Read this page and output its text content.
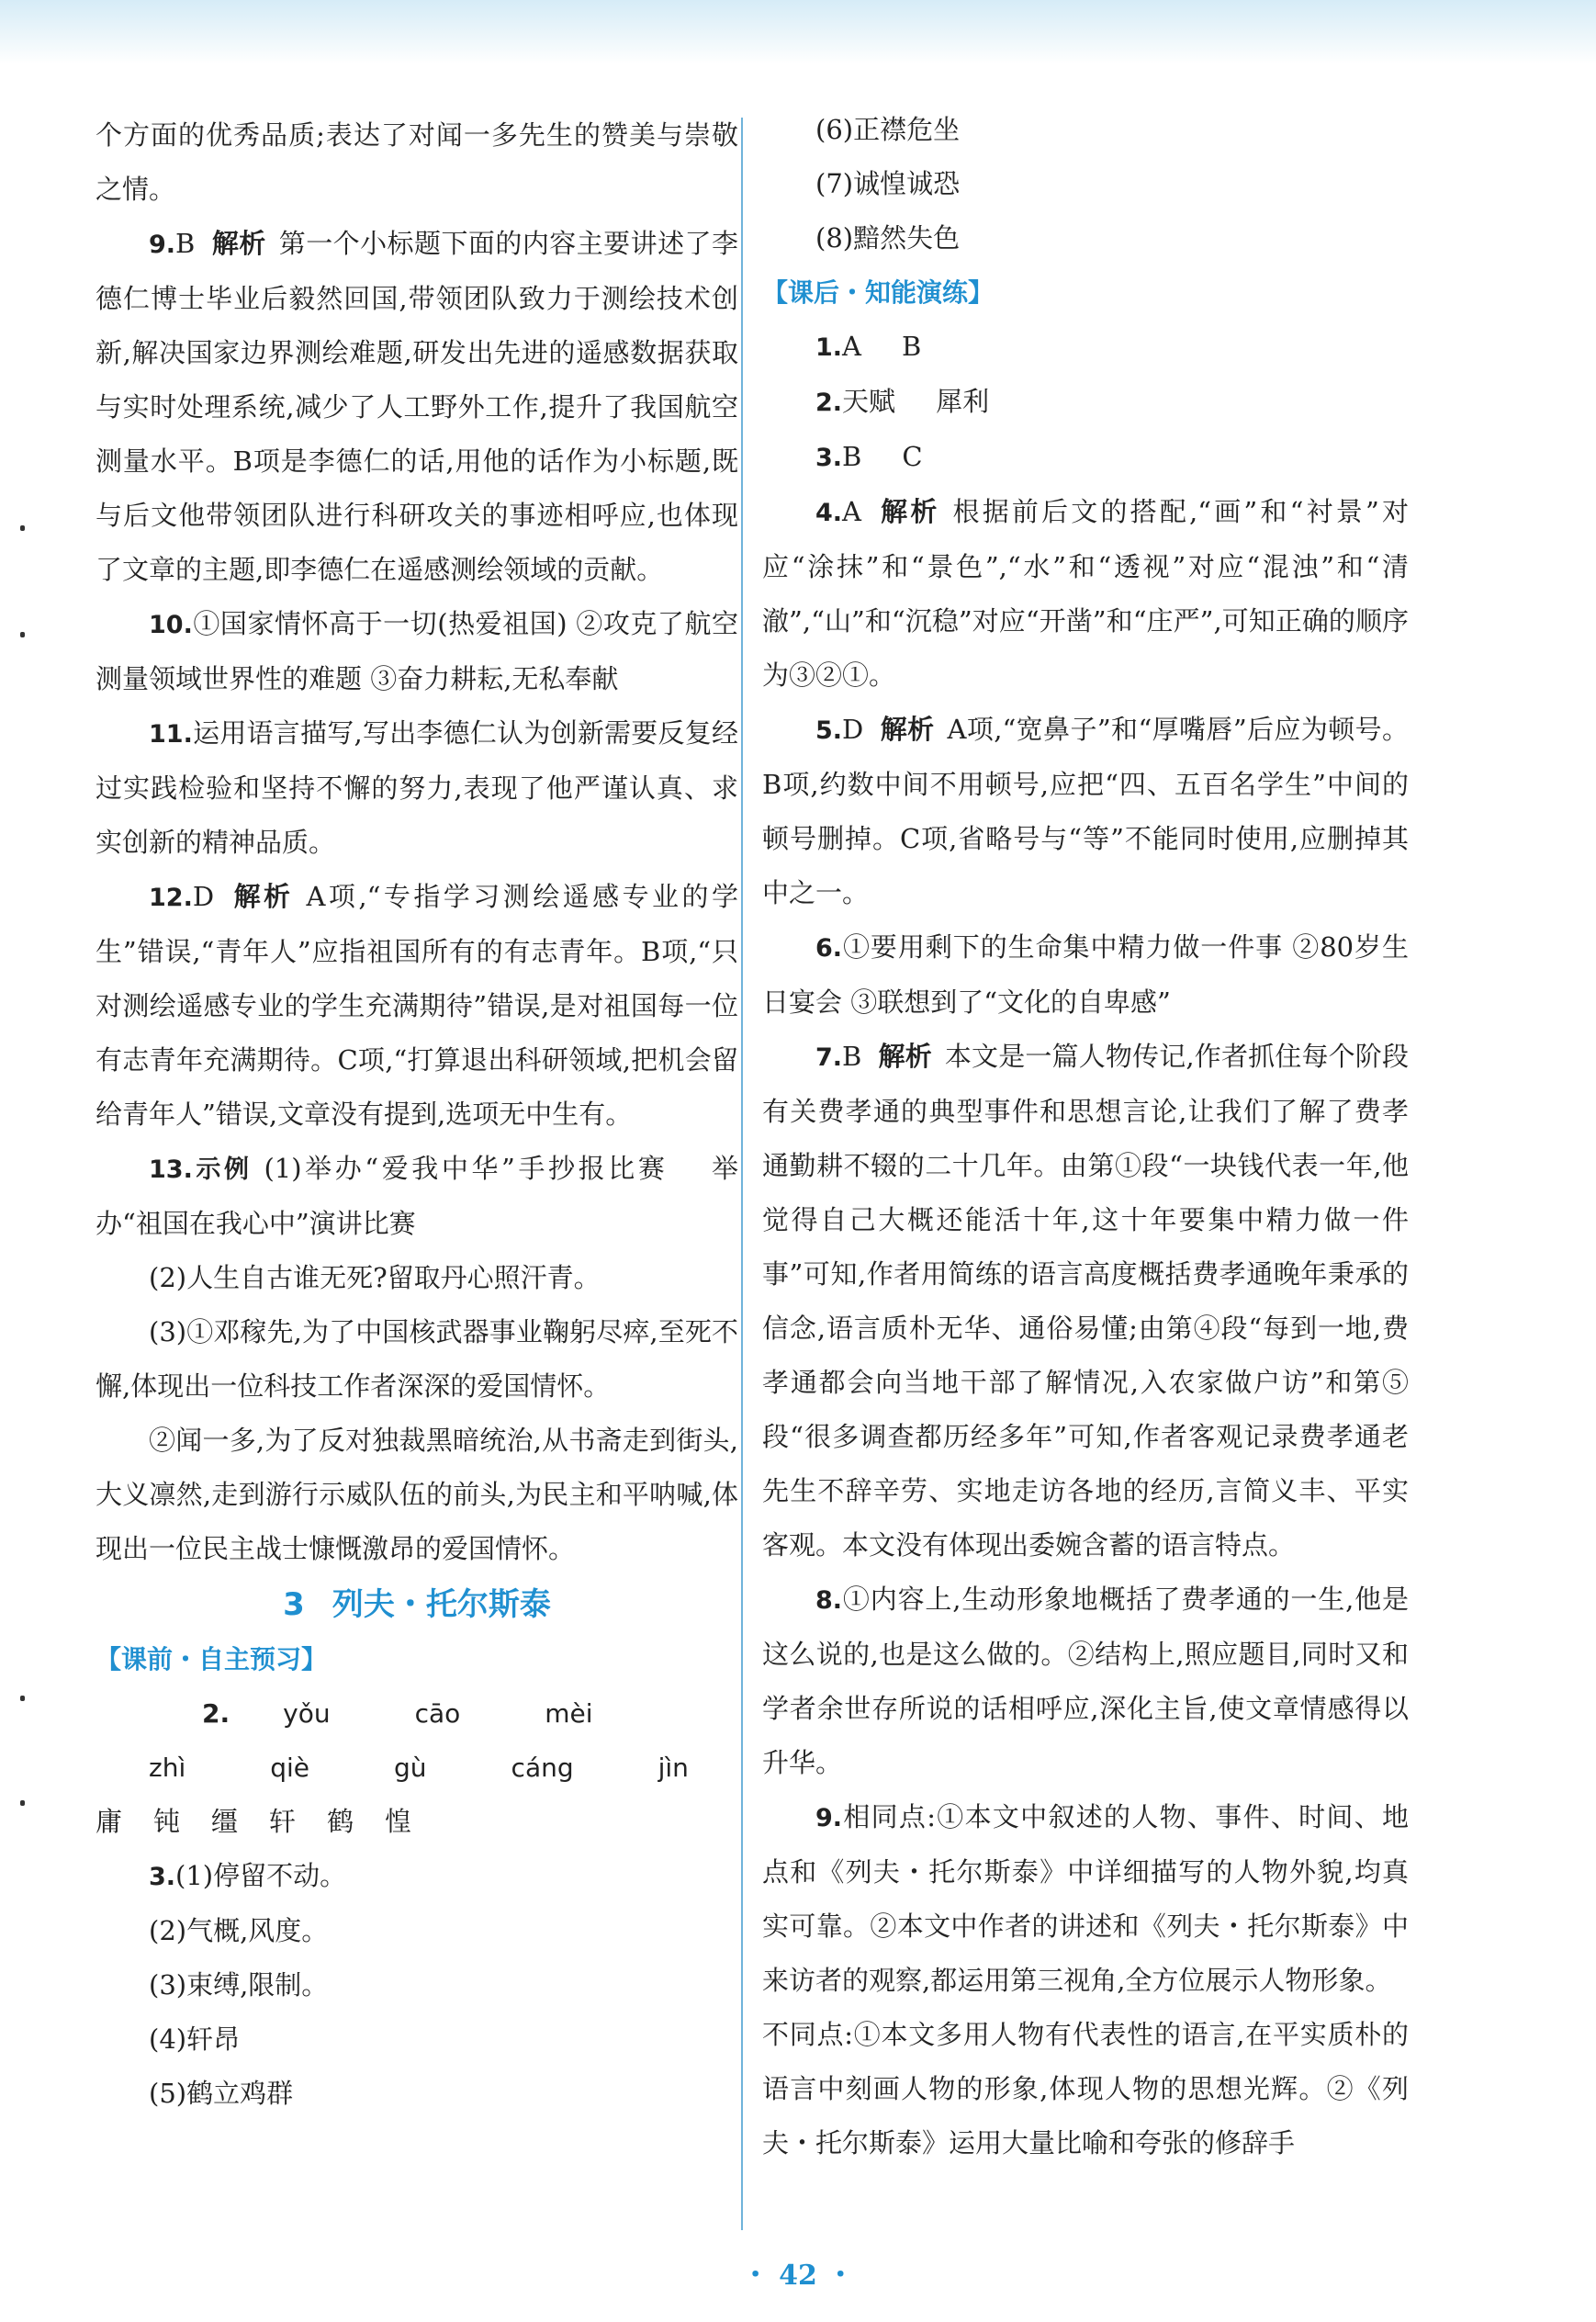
个方面的优秀品质;表达了对闻一多先生的赞美与崇敬之情。

9.B 解析 第一个小标题下面的内容主要讲述了李德仁博士毕业后毅然回国,带领团队致力于测绘技术创新,解决国家边界测绘难题,研发出先进的遥感数据获取与实时处理系统,减少了人工野外工作,提升了我国航空测量水平。B项是李德仁的话,用他的话作为小标题,既与后文他带领团队进行科研攻关的事迹相呼应,也体现了文章的主题,即李德仁在遥感测绘领域的贡献。

10.①国家情怀高于一切(热爱祖国) ②攻克了航空测量领域世界性的难题 ③奋力耕耘,无私奉献

11.运用语言描写,写出李德仁认为创新需要反复经过实践检验和坚持不懈的努力,表现了他严谨认真、求实创新的精神品质。

12.D 解析 A项,“专指学习测绘遥感专业的学生”错误,“青年人”应指祖国所有的有志青年。B项,“只对测绘遥感专业的学生充满期待”错误,是对祖国每一位有志青年充满期待。C项,“打算退出科研领域,把机会留给青年人”错误,文章没有提到,选项无中生有。

13.示例 (1)举办“爱我中华”手抄报比赛 举办“祖国在我心中”演讲比赛

(2)人生自古谁无死?留取丹心照汗青。

(3)①邓稼先,为了中国核武器事业鞠躬尽瘁,至死不懈,体现出一位科技工作者深深的爱国情怀。

②闻一多,为了反对独裁黑暗统治,从书斋走到街头,大义凛然,走到游行示威队伍的前头,为民主和平呐喊,体现出一位民主战士慷慨激昂的爱国情怀。

3 列夫・托尔斯泰

【课前・自主预习】

2. yǒu	cāo	mèizhì	qiè	gù	cáng	jìn

庸 钝 缰 轩 鹤 惶

3.(1)停留不动。

(2)气概,风度。

(3)束缚,限制。

(4)轩昂

(5)鹤立鸡群

(6)正襟危坐

(7)诚惶诚恐

(8)黯然失色

【课后・知能演练】

1.A B

2.天赋 犀利

3.B C

4.A 解析 根据前后文的搭配,“画”和“衬景”对应“涂抹”和“景色”,“水”和“透视”对应“混浊”和“清澈”,“山”和“沉稳”对应“开凿”和“庄严”,可知正确的顺序为③②①。

5.D 解析 A项,“宽鼻子”和“厚嘴唇”后应为顿号。B项,约数中间不用顿号,应把“四、五百名学生”中间的顿号删掉。C项,省略号与“等”不能同时使用,应删掉其中之一。

6.①要用剩下的生命集中精力做一件事 ②80岁生日宴会 ③联想到了“文化的自卑感”

7.B 解析 本文是一篇人物传记,作者抓住每个阶段有关费孝通的典型事件和思想言论,让我们了解了费孝通勤耕不辍的二十几年。由第①段“一块钱代表一年,他觉得自己大概还能活十年,这十年要集中精力做一件事”可知,作者用简练的语言高度概括费孝通晚年秉承的信念,语言质朴无华、通俗易懂;由第④段“每到一地,费孝通都会向当地干部了解情况,入农家做户访”和第⑤段“很多调查都历经多年”可知,作者客观记录费孝通老先生不辞辛劳、实地走访各地的经历,言简义丰、平实客观。本文没有体现出委婉含蓄的语言特点。

8.①内容上,生动形象地概括了费孝通的一生,他是这么说的,也是这么做的。②结构上,照应题目,同时又和学者余世存所说的话相呼应,深化主旨,使文章情感得以升华。

9.相同点:①本文中叙述的人物、事件、时间、地点和《列夫・托尔斯泰》中详细描写的人物外貌,均真实可靠。②本文中作者的讲述和《列夫・托尔斯泰》中来访者的观察,都运用第三视角,全方位展示人物形象。

不同点:①本文多用人物有代表性的语言,在平实质朴的语言中刻画人物的形象,体现人物的思想光辉。②《列夫・托尔斯泰》运用大量比喻和夸张的修辞手

・ 42 ・
